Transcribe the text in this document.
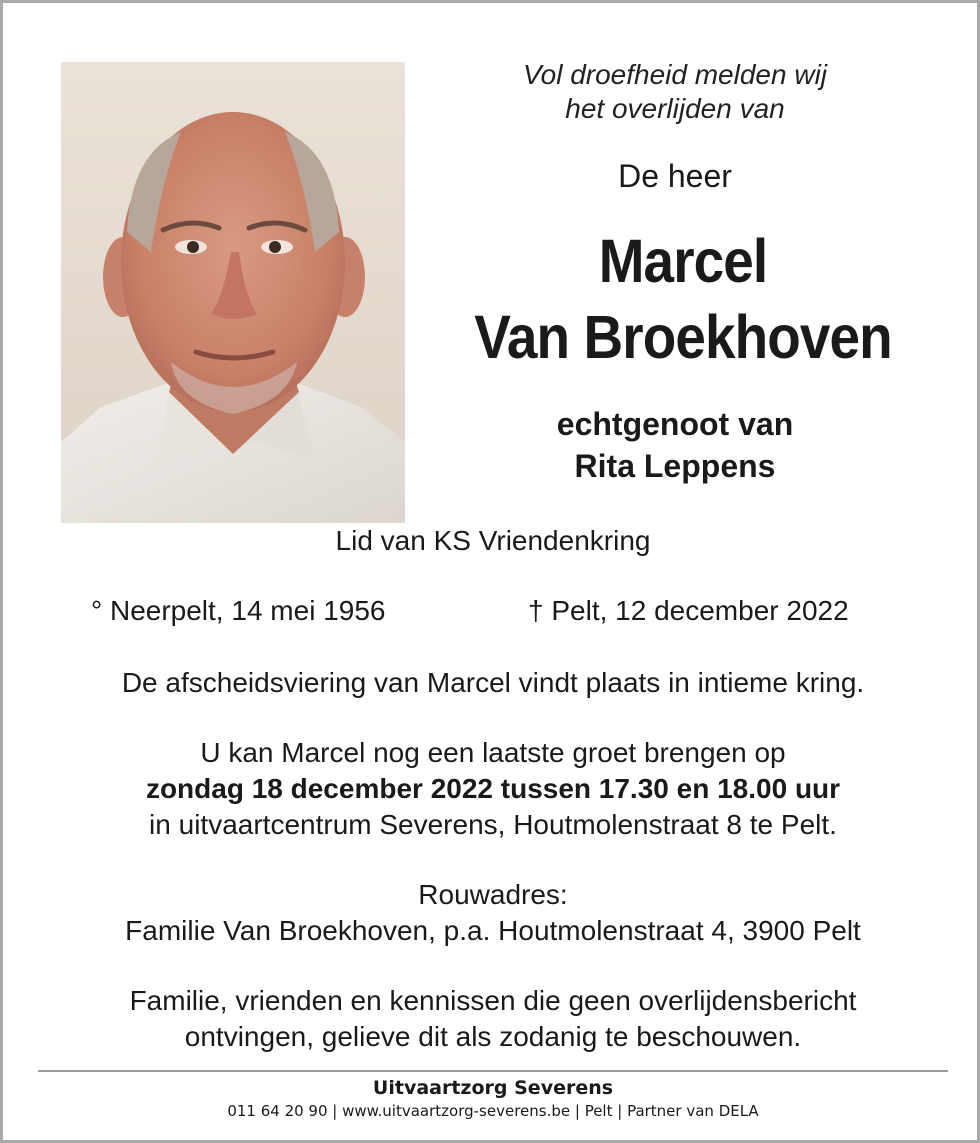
Vol droefheid melden wij
het overlijden van
De heer
Marcel
Van Broekhoven
echtgenoot van
Rita Leppens
Lid van KS Vriendenkring
° Neerpelt, 14 mei 1956	† Pelt, 12 december 2022
De afscheidsviering van Marcel vindt plaats in intieme kring.
U kan Marcel nog een laatste groet brengen op
zondag 18 december 2022 tussen 17.30 en 18.00 uur
in uitvaartcentrum Severens, Houtmolenstraat 8 te Pelt.
Rouwadres:
Familie Van Broekhoven, p.a. Houtmolenstraat 4, 3900 Pelt
Familie, vrienden en kennissen die geen overlijdensbericht
ontvingen, gelieve dit als zodanig te beschouwen.
Uitvaartzorg Severens
011 64 20 90 | www.uitvaartzorg-severens.be | Pelt | Partner van DELA
